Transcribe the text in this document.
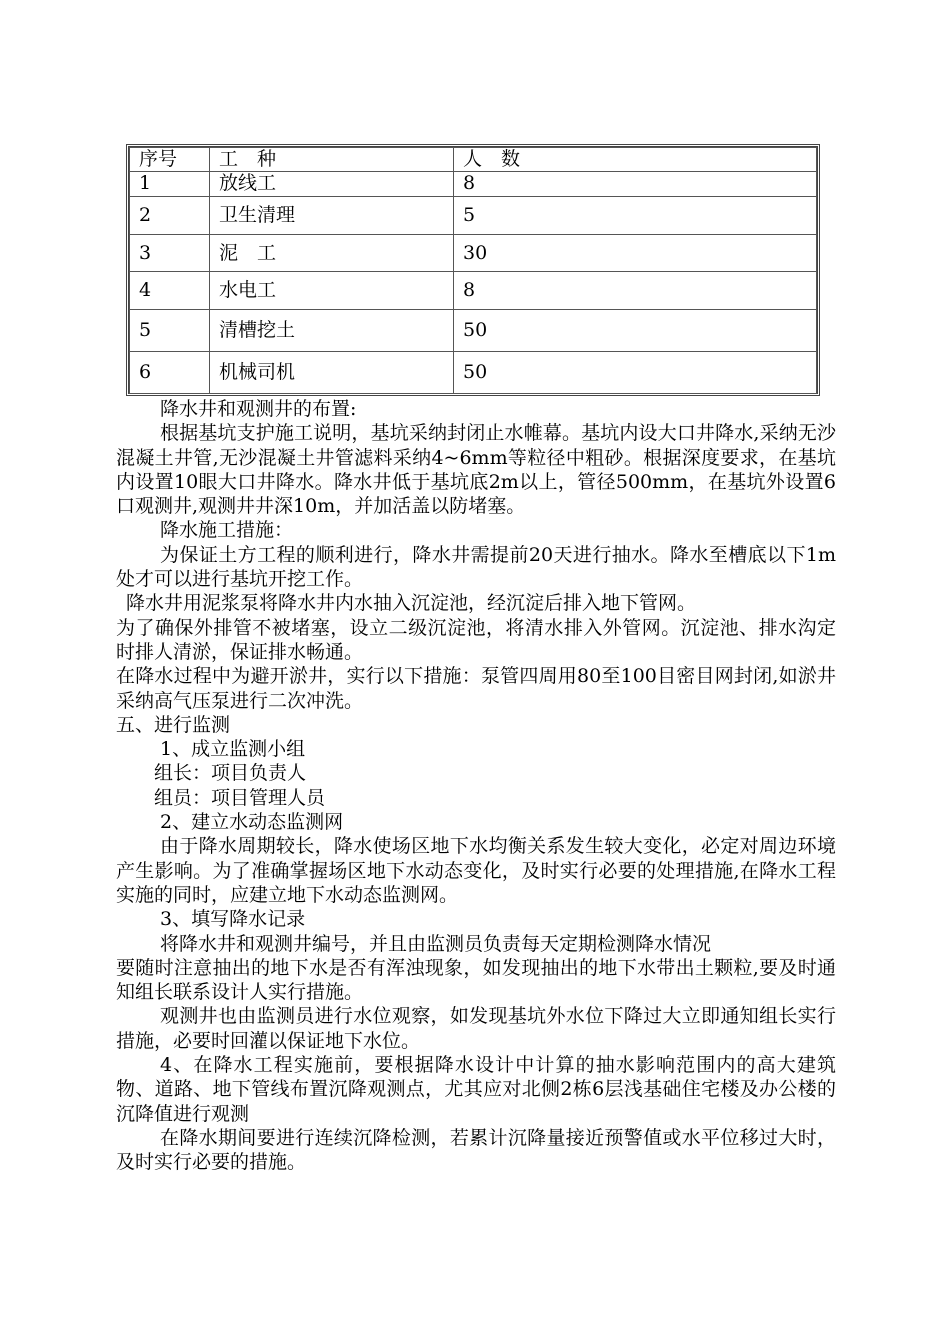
序号	工　种	人　数
1	放线工	8
2	卫生清理	5
3	泥　工	30
4	水电工	8
5	清槽挖土	50
6	机械司机	50

降水井和观测井的布置:

根据基坑支护施工说明，基坑采纳封闭止水帷幕。基坑内设大口井降水,采纳无沙混凝土井管,无沙混凝土井管滤料采纳4~6mm等粒径中粗砂。根据深度要求，在基坑内设置10眼大口井降水。降水井低于基坑底2m以上，管径500mm，在基坑外设置6口观测井,观测井井深10m，并加活盖以防堵塞。

降水施工措施：

为保证土方工程的顺利进行，降水井需提前20天进行抽水。降水至槽底以下1m处才可以进行基坑开挖工作。

降水井用泥浆泵将降水井内水抽入沉淀池，经沉淀后排入地下管网。

为了确保外排管不被堵塞，设立二级沉淀池，将清水排入外管网。沉淀池、排水沟定时排人清淤，保证排水畅通。

在降水过程中为避开淤井，实行以下措施：泵管四周用80至100目密目网封闭,如淤井采纳高气压泵进行二次冲洗。

五、进行监测

1、成立监测小组

组长：项目负责人

组员：项目管理人员

2、建立水动态监测网

由于降水周期较长，降水使场区地下水均衡关系发生较大变化，必定对周边环境产生影响。为了准确掌握场区地下水动态变化，及时实行必要的处理措施,在降水工程实施的同时，应建立地下水动态监测网。

3、填写降水记录

将降水井和观测井编号，并且由监测员负责每天定期检测降水情况

要随时注意抽出的地下水是否有浑浊现象，如发现抽出的地下水带出土颗粒,要及时通知组长联系设计人实行措施。

观测井也由监测员进行水位观察，如发现基坑外水位下降过大立即通知组长实行措施，必要时回灌以保证地下水位。

4、在降水工程实施前，要根据降水设计中计算的抽水影响范围内的高大建筑物、道路、地下管线布置沉降观测点，尤其应对北侧2栋6层浅基础住宅楼及办公楼的沉降值进行观测

在降水期间要进行连续沉降检测，若累计沉降量接近预警值或水平位移过大时，及时实行必要的措施。
